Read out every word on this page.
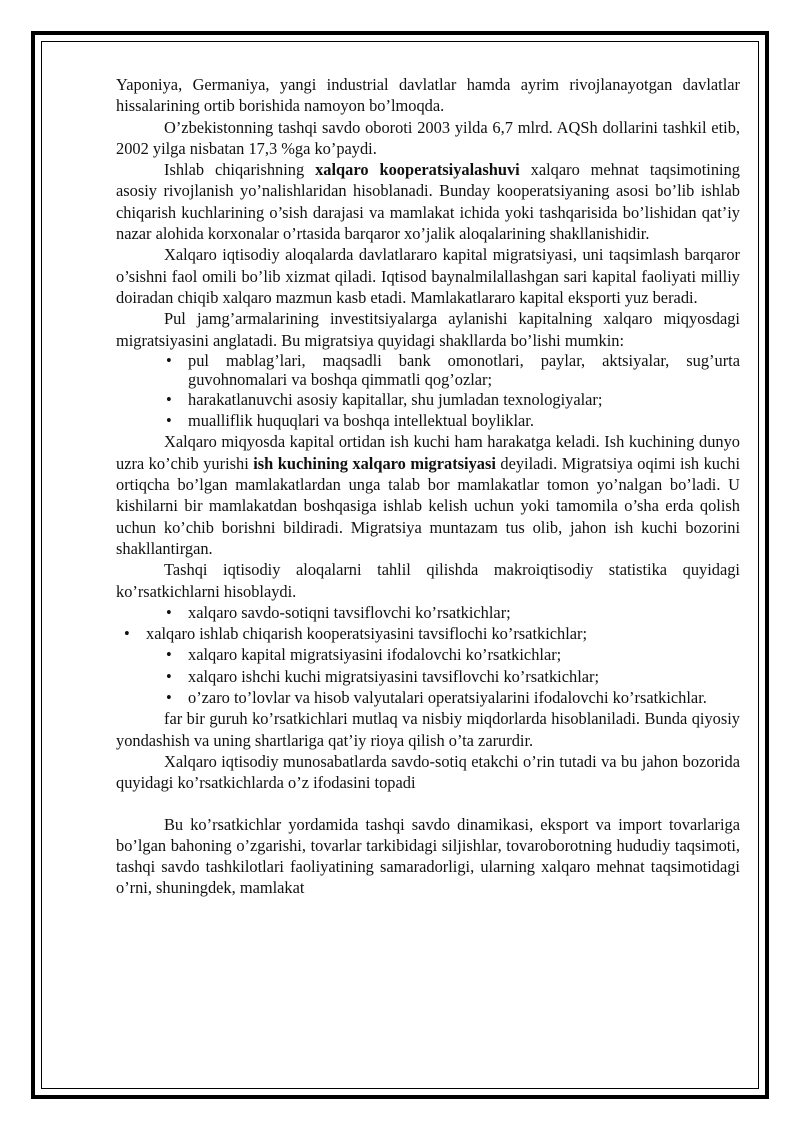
Yaponiya, Germaniya, yangi industrial davlatlar hamda ayrim rivojlanayotgan davlatlar hissalarining ortib borishida namoyon bo’lmoqda.

O’zbekistonning tashqi savdo oboroti 2003 yilda 6,7 mlrd. AQSh dollarini tashkil etib, 2002 yilga nisbatan 17,3 %ga ko’paydi.

Ishlab chiqarishning xalqaro kooperatsiyalashuvi xalqaro mehnat taqsimotining asosiy rivojlanish yo’nalishlaridan hisoblanadi. Bunday kooperatsiyaning asosi bo’lib ishlab chiqarish kuchlarining o’sish darajasi va mamlakat ichida yoki tashqarisida bo’lishidan qat’iy nazar alohida korxonalar o’rtasida barqaror xo’jalik aloqalarining shakllanishidir.

Xalqaro iqtisodiy aloqalarda davlatlararo kapital migratsiyasi, uni taqsimlash barqaror o’sishni faol omili bo’lib xizmat qiladi. Iqtisod baynalmilallashgan sari kapital faoliyati milliy doiradan chiqib xalqaro mazmun kasb etadi. Mamlakatlararo kapital eksporti yuz beradi.

Pul jamg’armalarining investitsiyalarga aylanishi kapitalning xalqaro miqyosdagi migratsiyasini anglatadi. Bu migratsiya quyidagi shakllarda bo’lishi mumkin:

• pul mablag’lari, maqsadli bank omonotlari, paylar, aktsiyalar, sug’urta guvohnomalari va boshqa qimmatli qog’ozlar;
• harakatlanuvchi asosiy kapitallar, shu jumladan texnologiyalar;
• mualliflik huquqlari va boshqa intellektual boyliklar.

Xalqaro miqyosda kapital ortidan ish kuchi ham harakatga keladi. Ish kuchining dunyo uzra ko’chib yurishi ish kuchining xalqaro migratsiyasi deyiladi. Migratsiya oqimi ish kuchi ortiqcha bo’lgan mamlakatlardan unga talab bor mamlakatlar tomon yo’nalgan bo’ladi. U kishilarni bir mamlakatdan boshqasiga ishlab kelish uchun yoki tamomila o’sha erda qolish uchun ko’chib borishni bildiradi. Migratsiya muntazam tus olib, jahon ish kuchi bozorini shakllantirgan.

Tashqi iqtisodiy aloqalarni tahlil qilishda makroiqtisodiy statistika quyidagi ko’rsatkichlarni hisoblaydi.

• xalqaro savdo-sotiqni tavsiflovchi ko’rsatkichlar;
• xalqaro ishlab chiqarish kooperatsiyasini tavsiflochi ko’rsatkichlar;
• xalqaro kapital migratsiyasini ifodalovchi ko’rsatkichlar;
• xalqaro ishchi kuchi migratsiyasini tavsiflovchi ko’rsatkichlar;
• o’zaro to’lovlar va hisob valyutalari operatsiyalarini ifodalovchi ko’rsatkichlar.

far bir guruh ko’rsatkichlari mutlaq va nisbiy miqdorlarda hisoblaniladi. Bunda qiyosiy yondashish va uning shartlariga qat’iy rioya qilish o’ta zarurdir.

Xalqaro iqtisodiy munosabatlarda savdo-sotiq etakchi o’rin tutadi va bu jahon bozorida quyidagi ko’rsatkichlarda o’z ifodasini topadi

Bu ko’rsatkichlar yordamida tashqi savdo dinamikasi, eksport va import tovarlariga bo’lgan bahoning o’zgarishi, tovarlar tarkibidagi siljishlar, tovaroborotning hududiy taqsimoti, tashqi savdo tashkilotlari faoliyatining samaradorligi, ularning xalqaro mehnat taqsimotidagi o’rni, shuningdek, mamlakat
